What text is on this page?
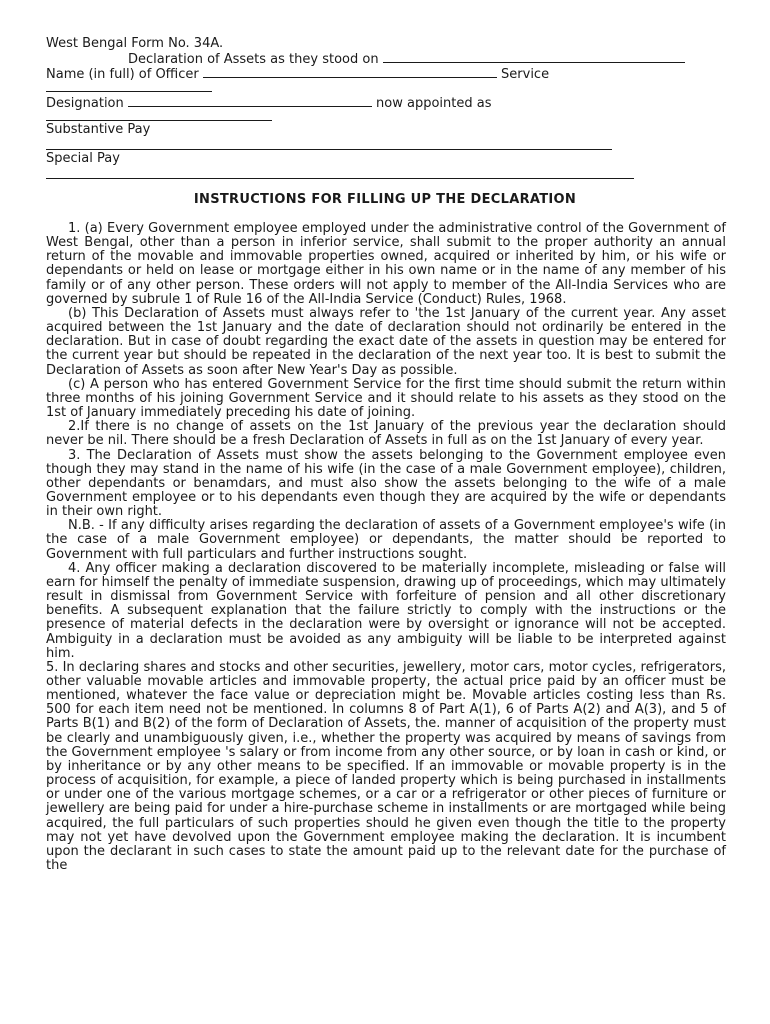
West Bengal Form No. 34A.
Declaration of Assets as they stood on
Name (in full) of Officer	Service
Designation	now appointed as
Substantive Pay
Special Pay
INSTRUCTIONS FOR FILLING UP THE DECLARATION

1. (a) Every Government employee employed under the administrative control of the Government of West Bengal, other than a person in inferior service, shall submit to the proper authority an annual return of the movable and immovable properties owned, acquired or inherited by him, or his wife or dependants or held on lease or mortgage either in his own name or in the name of any member of his family or of any other person. These orders will not apply to member of the All-India Services who are governed by subrule 1 of Rule 16 of the All-India Service (Conduct) Rules, 1968.

(b) This Declaration of Assets must always refer to 'the 1st January of the current year. Any asset acquired between the 1st January and the date of declaration should not ordinarily be entered in the declaration. But in case of doubt regarding the exact date of the assets in question may be entered for the current year but should be repeated in the declaration of the next year too. It is best to submit the Declaration of Assets as soon after New Year's Day as possible.

(c) A person who has entered Government Service for the first time should submit the return within three months of his joining Government Service and it should relate to his assets as they stood on the 1st of January immediately preceding his date of joining.

2.If there is no change of assets on the 1st January of the previous year the declaration should never be nil. There should be a fresh Declaration of Assets in full as on the 1st January of every year.

3. The Declaration of Assets must show the assets belonging to the Government employee even though they may stand in the name of his wife (in the case of a male Government employee), children, other dependants or benamdars, and must also show the assets belonging to the wife of a male Government employee or to his dependants even though they are acquired by the wife or dependants in their own right.

N.B. - If any difficulty arises regarding the declaration of assets of a Government employee's wife (in the case of a male Government employee) or dependants, the matter should be reported to Government with full particulars and further instructions sought.

4. Any officer making a declaration discovered to be materially incomplete, misleading or false will earn for himself the penalty of immediate suspension, drawing up of proceedings, which may ultimately result in dismissal from Government Service with forfeiture of pension and all other discretionary benefits. A subsequent explanation that the failure strictly to comply with the instructions or the presence of material defects in the declaration were by oversight or ignorance will not be accepted. Ambiguity in a declaration must be avoided as any ambiguity will be liable to be interpreted against him.

5. In declaring shares and stocks and other securities, jewellery, motor cars, motor cycles, refrigerators, other valuable movable articles and immovable property, the actual price paid by an officer must be mentioned, whatever the face value or depreciation might be. Movable articles costing less than Rs. 500 for each item need not be mentioned. In columns 8 of Part A(1), 6 of Parts A(2) and A(3), and 5 of Parts B(1) and B(2) of the form of Declaration of Assets, the. manner of acquisition of the property must be clearly and unambiguously given, i.e., whether the property was acquired by means of savings from the Government employee 's salary or from income from any other source, or by loan in cash or kind, or by inheritance or by any other means to be specified. If an immovable or movable property is in the process of acquisition, for example, a piece of landed property which is being purchased in installments or under one of the various mortgage schemes, or a car or a refrigerator or other pieces of furniture or jewellery are being paid for under a hire-purchase scheme in installments or are mortgaged while being acquired, the full particulars of such properties should he given even though the title to the property may not yet have devolved upon the Government employee making the declaration. It is incumbent upon the declarant in such cases to state the amount paid up to the relevant date for the purchase of the
